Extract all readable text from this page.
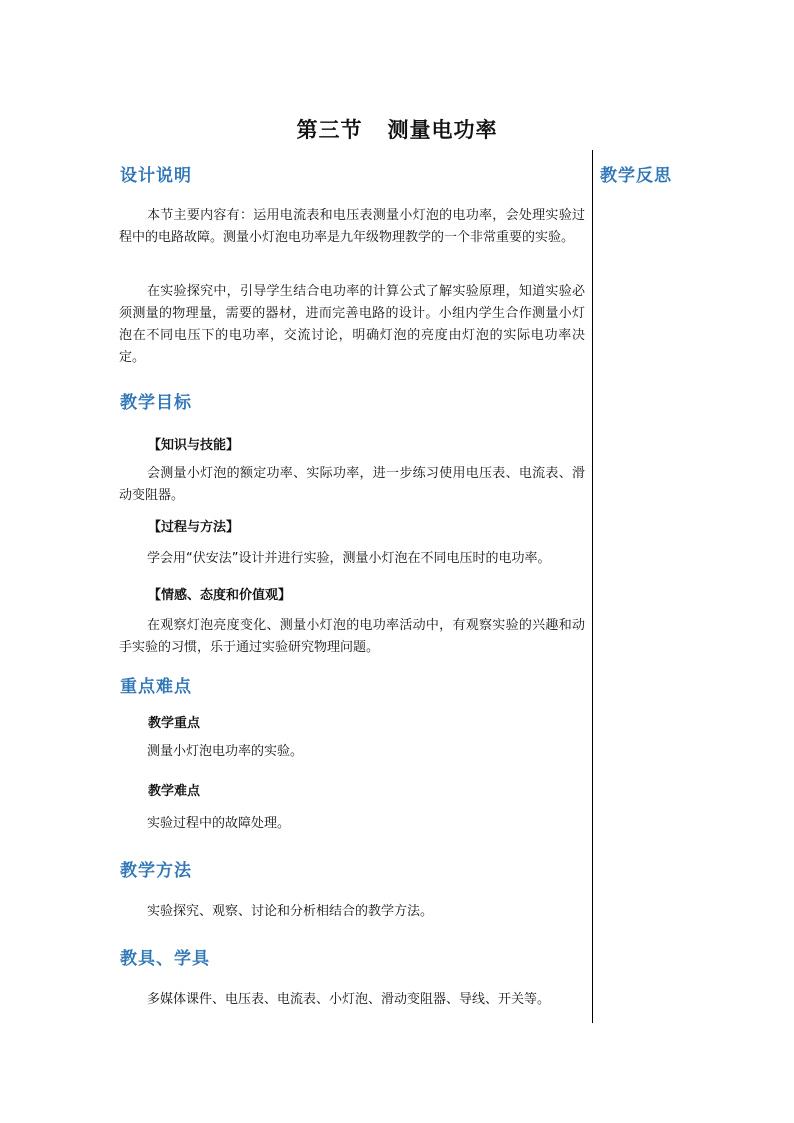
第三节   测量电功率
教学反思
设计说明

本节主要内容有：运用电流表和电压表测量小灯泡的电功率，会处理实验过程中的电路故障。测量小灯泡电功率是九年级物理教学的一个非常重要的实验。

在实验探究中，引导学生结合电功率的计算公式了解实验原理，知道实验必须测量的物理量，需要的器材，进而完善电路的设计。小组内学生合作测量小灯泡在不同电压下的电功率，交流讨论，明确灯泡的亮度由灯泡的实际电功率决定。

教学目标
【知识与技能】

会测量小灯泡的额定功率、实际功率，进一步练习使用电压表、电流表、滑动变阻器。

【过程与方法】

学会用“伏安法”设计并进行实验，测量小灯泡在不同电压时的电功率。

【情感、态度和价值观】

在观察灯泡亮度变化、测量小灯泡的电功率活动中，有观察实验的兴趣和动手实验的习惯，乐于通过实验研究物理问题。

重点难点
教学重点

测量小灯泡电功率的实验。

教学难点

实验过程中的故障处理。

教学方法

实验探究、观察、讨论和分析相结合的教学方法。

教具、学具

多媒体课件、电压表、电流表、小灯泡、滑动变阻器、导线、开关等。
